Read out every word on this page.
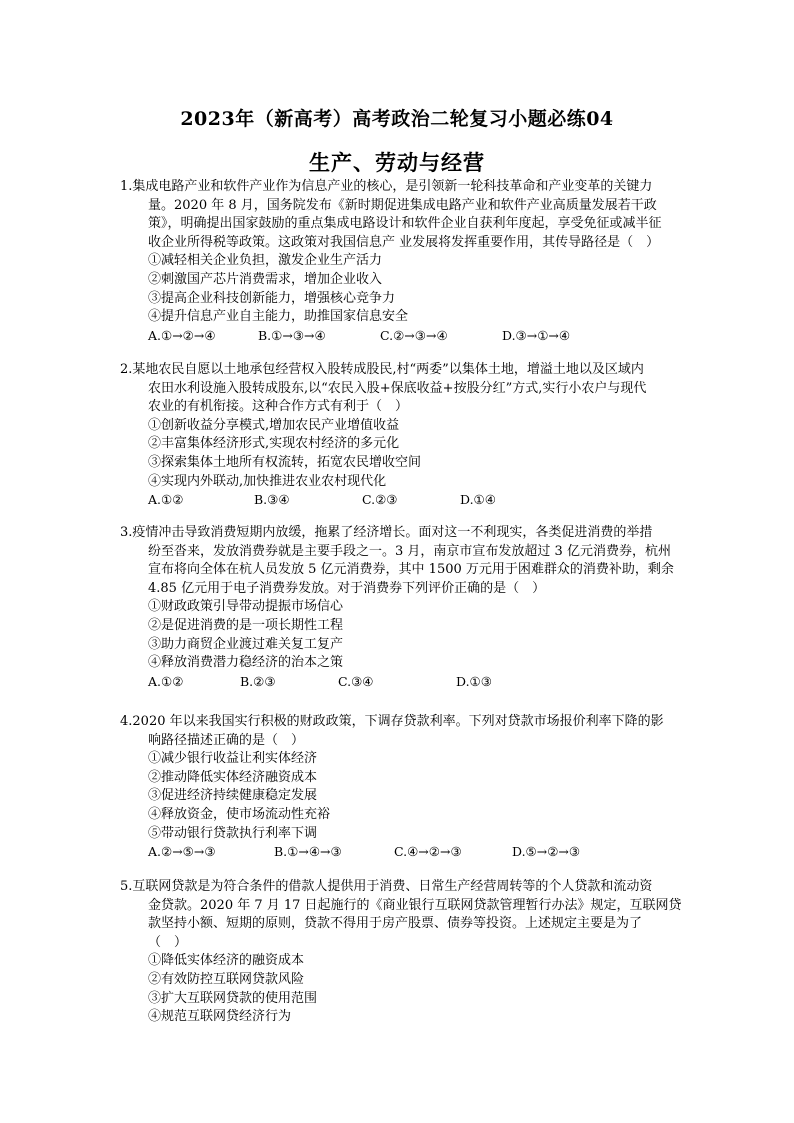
2023年（新高考）高考政治二轮复习小题必练04
生产、劳动与经营
1.集成电路产业和软件产业作为信息产业的核心，是引领新一轮科技革命和产业变革的关键力
量。2020 年 8 月，国务院发布《新时期促进集成电路产业和软件产业高质量发展若干政
策》，明确提出国家鼓励的重点集成电路设计和软件企业自获利年度起，享受免征或减半征
收企业所得税等政策。这政策对我国信息产 业发展将发挥重要作用，其传导路径是（　）
①减轻相关企业负担，激发企业生产活力
②刺激国产芯片消费需求，增加企业收入
③提高企业科技创新能力，增强核心竞争力
④提升信息产业自主能力，助推国家信息安全
A.①→②→④	B.①→③→④	C.②→③→④	D.③→①→④
2.某地农民自愿以土地承包经营权入股转成股民,村“两委”以集体土地，增溢土地以及区域内
农田水利设施入股转成股东,以“农民入股+保底收益+按股分红”方式,实行小农户与现代
农业的有机衔接。这种合作方式有利于（　）
①创新收益分享模式,增加农民产业增值收益
②丰富集体经济形式,实现农村经济的多元化
③探索集体土地所有权流转，拓宽农民增收空间
④实现内外联动,加快推进农业农村现代化
A.①②	B.③④	C.②③	D.①④
3.疫情冲击导致消费短期内放缓，拖累了经济增长。面对这一不利现实，各类促进消费的举措
纷至沓来，发放消费券就是主要手段之一。3 月，南京市宣布发放超过 3 亿元消费券，杭州
宣布将向全体在杭人员发放 5 亿元消费券，其中 1500 万元用于困难群众的消费补助，剩余
4.85 亿元用于电子消费券发放。对于消费券下列评价正确的是（　）
①财政政策引导带动提振市场信心
②是促进消费的是一项长期性工程
③助力商贸企业渡过难关复工复产
④释放消费潜力稳经济的治本之策
A.①②	B.②③	C.③④	D.①③
4.2020 年以来我国实行积极的财政政策，下调存贷款利率。下列对贷款市场报价利率下降的影
响路径描述正确的是（　）
①减少银行收益让利实体经济
②推动降低实体经济融资成本
③促进经济持续健康稳定发展
④释放资金，使市场流动性充裕
⑤带动银行贷款执行利率下调
A.②→⑤→③	B.①→④→③	C.④→②→③	D.⑤→②→③
5.互联网贷款是为符合条件的借款人提供用于消费、日常生产经营周转等的个人贷款和流动资
金贷款。2020 年 7 月 17 日起施行的《商业银行互联网贷款管理暂行办法》规定，互联网贷
款坚持小额、短期的原则，贷款不得用于房产股票、债券等投资。上述规定主要是为了
（　）
①降低实体经济的融资成本
②有效防控互联网贷款风险
③扩大互联网贷款的使用范围
④规范互联网贷经济行为
